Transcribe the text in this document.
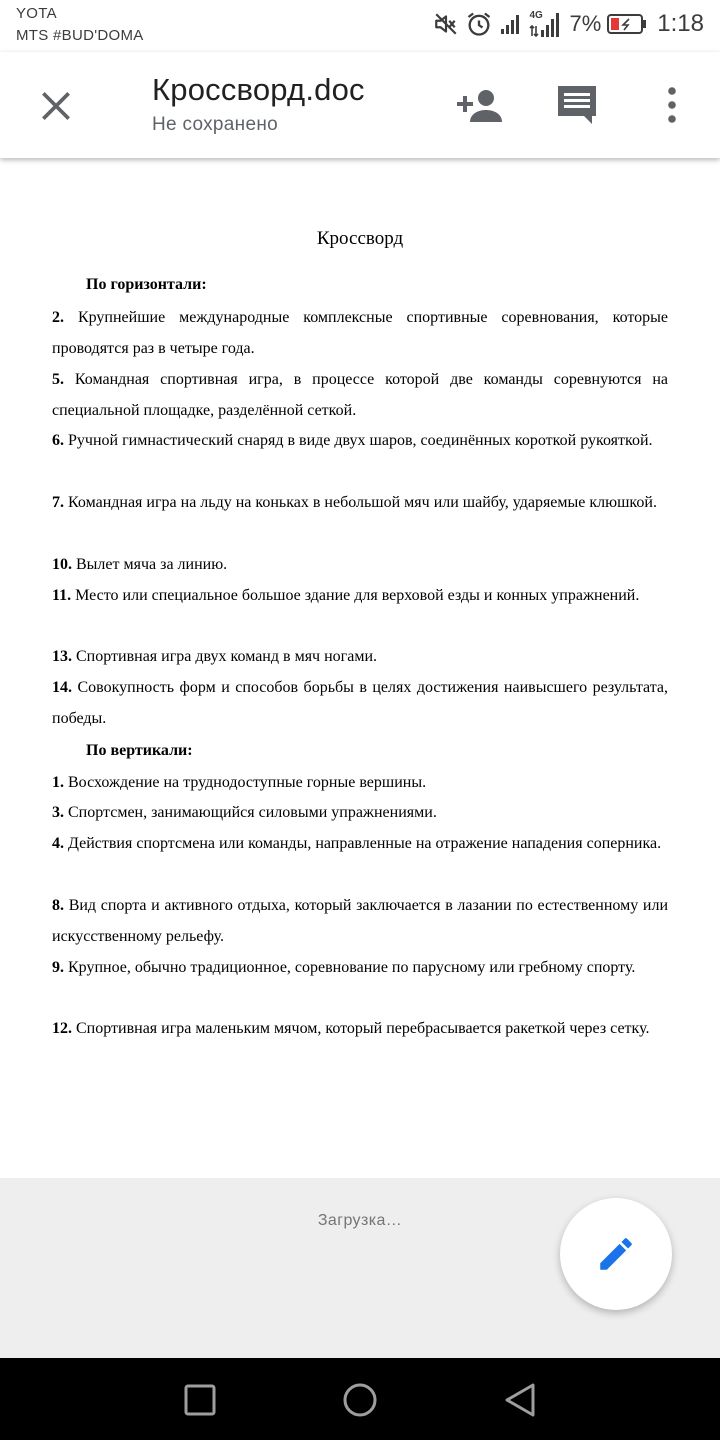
YOTA
MTS #BUD'DOMA
4G 7% 1:18
Кроссворд.doc
Не сохранено
Кроссворд
По горизонтали:
2. Крупнейшие международные комплексные спортивные соревнования, которые проводятся раз в четыре года.
5. Командная спортивная игра, в процессе которой две команды соревнуются на специальной площадке, разделённой сеткой.
6. Ручной гимнастический снаряд в виде двух шаров, соединённых короткой рукояткой.
7. Командная игра на льду на коньках в небольшой мяч или шайбу, ударяемые клюшкой.
10. Вылет мяча за линию.
11. Место или специальное большое здание для верховой езды и конных упражнений.
13. Спортивная игра двух команд в мяч ногами.
14. Совокупность форм и способов борьбы в целях достижения наивысшего результата, победы.
По вертикали:
1. Восхождение на труднодоступные горные вершины.
3. Спортсмен, занимающийся силовыми упражнениями.
4. Действия спортсмена или команды, направленные на отражение нападения соперника.
8. Вид спорта и активного отдыха, который заключается в лазании по естественному или искусственному рельефу.
9. Крупное, обычно традиционное, соревнование по парусному или гребному спорту.
12. Спортивная игра маленьким мячом, который перебрасывается ракеткой через сетку.
Загрузка…
